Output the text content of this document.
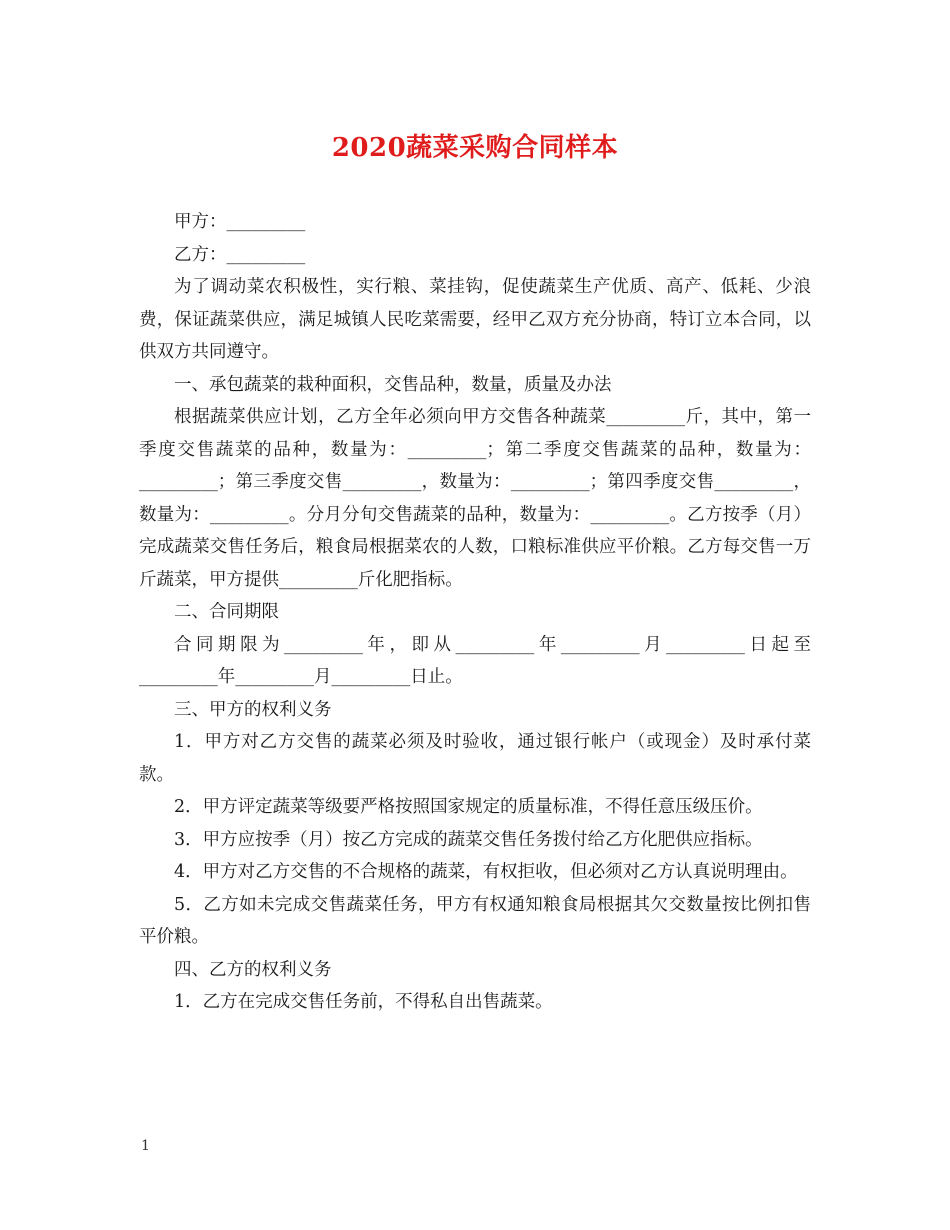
2020蔬菜采购合同样本

甲方：_________

乙方：_________

为了调动菜农积极性，实行粮、菜挂钩，促使蔬菜生产优质、高产、低耗、少浪费，保证蔬菜供应，满足城镇人民吃菜需要，经甲乙双方充分协商，特订立本合同，以供双方共同遵守。

一、承包蔬菜的栽种面积，交售品种，数量，质量及办法

根据蔬菜供应计划，乙方全年必须向甲方交售各种蔬菜_________斤，其中，第一季度交售蔬菜的品种，数量为：_________；第二季度交售蔬菜的品种，数量为：_________；第三季度交售_________，数量为：_________；第四季度交售_________，数量为：_________。分月分旬交售蔬菜的品种，数量为：_________。乙方按季（月）完成蔬菜交售任务后，粮食局根据菜农的人数，口粮标准供应平价粮。乙方每交售一万斤蔬菜，甲方提供_________斤化肥指标。

二、合同期限

合同期限为_________年，即从_________年_________月_________日起至_________年_________月_________日止。

三、甲方的权利义务

1．甲方对乙方交售的蔬菜必须及时验收，通过银行帐户（或现金）及时承付菜款。

2．甲方评定蔬菜等级要严格按照国家规定的质量标准，不得任意压级压价。

3．甲方应按季（月）按乙方完成的蔬菜交售任务拨付给乙方化肥供应指标。

4．甲方对乙方交售的不合规格的蔬菜，有权拒收，但必须对乙方认真说明理由。

5．乙方如未完成交售蔬菜任务，甲方有权通知粮食局根据其欠交数量按比例扣售平价粮。

四、乙方的权利义务

1．乙方在完成交售任务前，不得私自出售蔬菜。

1
